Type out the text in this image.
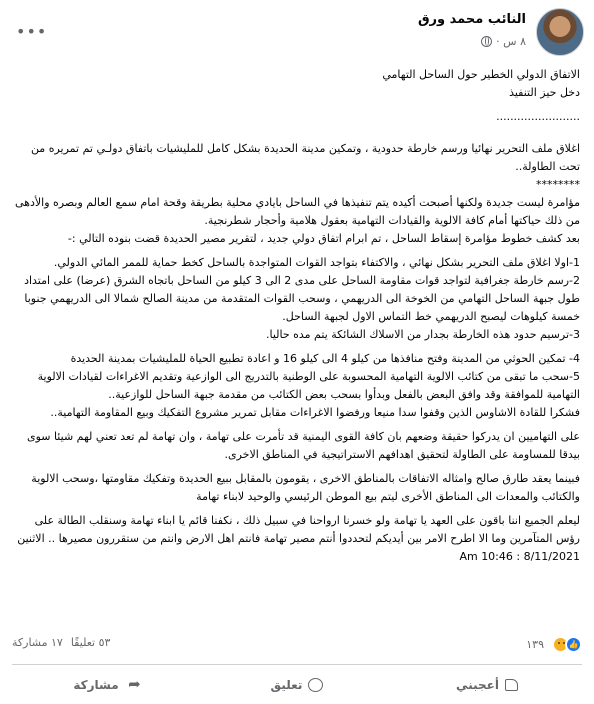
النائب محمد ورق
٨ س ·
•••

الاتفاق الدولي الخطير حول الساحل التهامي

دخل حيز التنفيذ

........................

اغلاق ملف التحرير نهائيا ورسم خارطة حدودية ، وتمكين مدينة الحديدة بشكل كامل للمليشيات باتفاق دولـي تم تمريره من تحت الطاولة..

********

مؤامرة ليست جديدة ولكنها أصبحت أكيده يتم تنفيذها في الساحل بايادي محلية بطريقة وقحة امام سمع العالم وبصره والأدهى من ذلك حياكتها أمام كافة الالوية والقيادات التهامية بعقول هلامية وأحجار شطرنجية.

بعد كشف خطوط مؤامرة إسقاط الساحل ، تم ابرام اتفاق دولي جديد ، لتقرير مصير الحديدة قضت بنوده التالي :-

1-اولا اغلاق ملف التحرير بشكل نهائي ، والاكتفاء بتواجد القوات المتواجدة بالساحل كخط حماية للممر المائي الدولي.

2-رسم خارطة جغرافية لتواجد قوات مقاومة الساحل على مدى 2 الى 3 كيلو من الساحل باتجاه الشرق (عرضا) على امتداد طول جبهة الساحل التهامي من الخوخة الى الدريهمي ، وسحب القوات المتقدمة من مدينة الصالح شمالا الى الدريهمي جنوبا خمسة كيلوهات ليصبح الدريهمي خط التماس الاول لجبهة الساحل.

3-ترسيم حدود هذه الخارطة بجدار من الاسلاك الشائكة يتم مده حاليا.

4- تمكين الحوثي من المدينة وفتح منافذها من كيلو 4 الى كيلو 16 و اعادة تطبيع الحياة للمليشيات بمدينة الحديدة

5-سحب ما تبقى من كتائب الالوية التهامية المحسوبة على الوطنية بالتدريج الى الوازعية وتقديم الاغراءات لقيادات الالوية التهامية للموافقة وقد وافق البعض بالفعل وبدأوا بسحب بعض الكتائب من مقدمة جبهة الساحل للوازعية..

فشكرا للقادة الاشاوس الذين وقفوا سدا منيعا ورفضوا الاغراءات مقابل تمرير مشروع التفكيك وبيع المقاومة التهامية..

على التهاميين ان يدركوا حقيقة وضعهم بان كافة القوى اليمنية قد تأمرت على تهامة ، وان تهامة لم تعد تعني لهم شيئا سوى بيدقا للمساومة على الطاولة لتحقيق اهدافهم الاستراتيجية في المناطق الاخرى.

فبينما يعقد طارق صالح وامثاله الاتفاقات بالمناطق الاخرى ، يقومون بالمقابل ببيع الحديدة وتفكيك مقاومتها ،وسحب الالوية والكتائب والمعدات الى المناطق الأخرى ليتم بيع الموطن الرئيسي والوحيد لابناء تهامة

ليعلم الجميع اننا باقون على العهد يا تهامة ولو خسرنا ارواحنا في سبيل ذلك ، نكفنا قائم يا ابناء تهامة وسنقلب الطالة على رؤس المتآمرين وما الا اطرح الامر بين أيديكم لتحددوا أنتم مصير تهامة فانتم اهل الارض وانتم من ستقررون مصيرها .. الاثنين 8/11/2021 : 10:46 Am

👍
١٣٩
٥٣ تعليقًا
١٧ مشاركة
أعجبني
تعليق
➦
مشاركة
